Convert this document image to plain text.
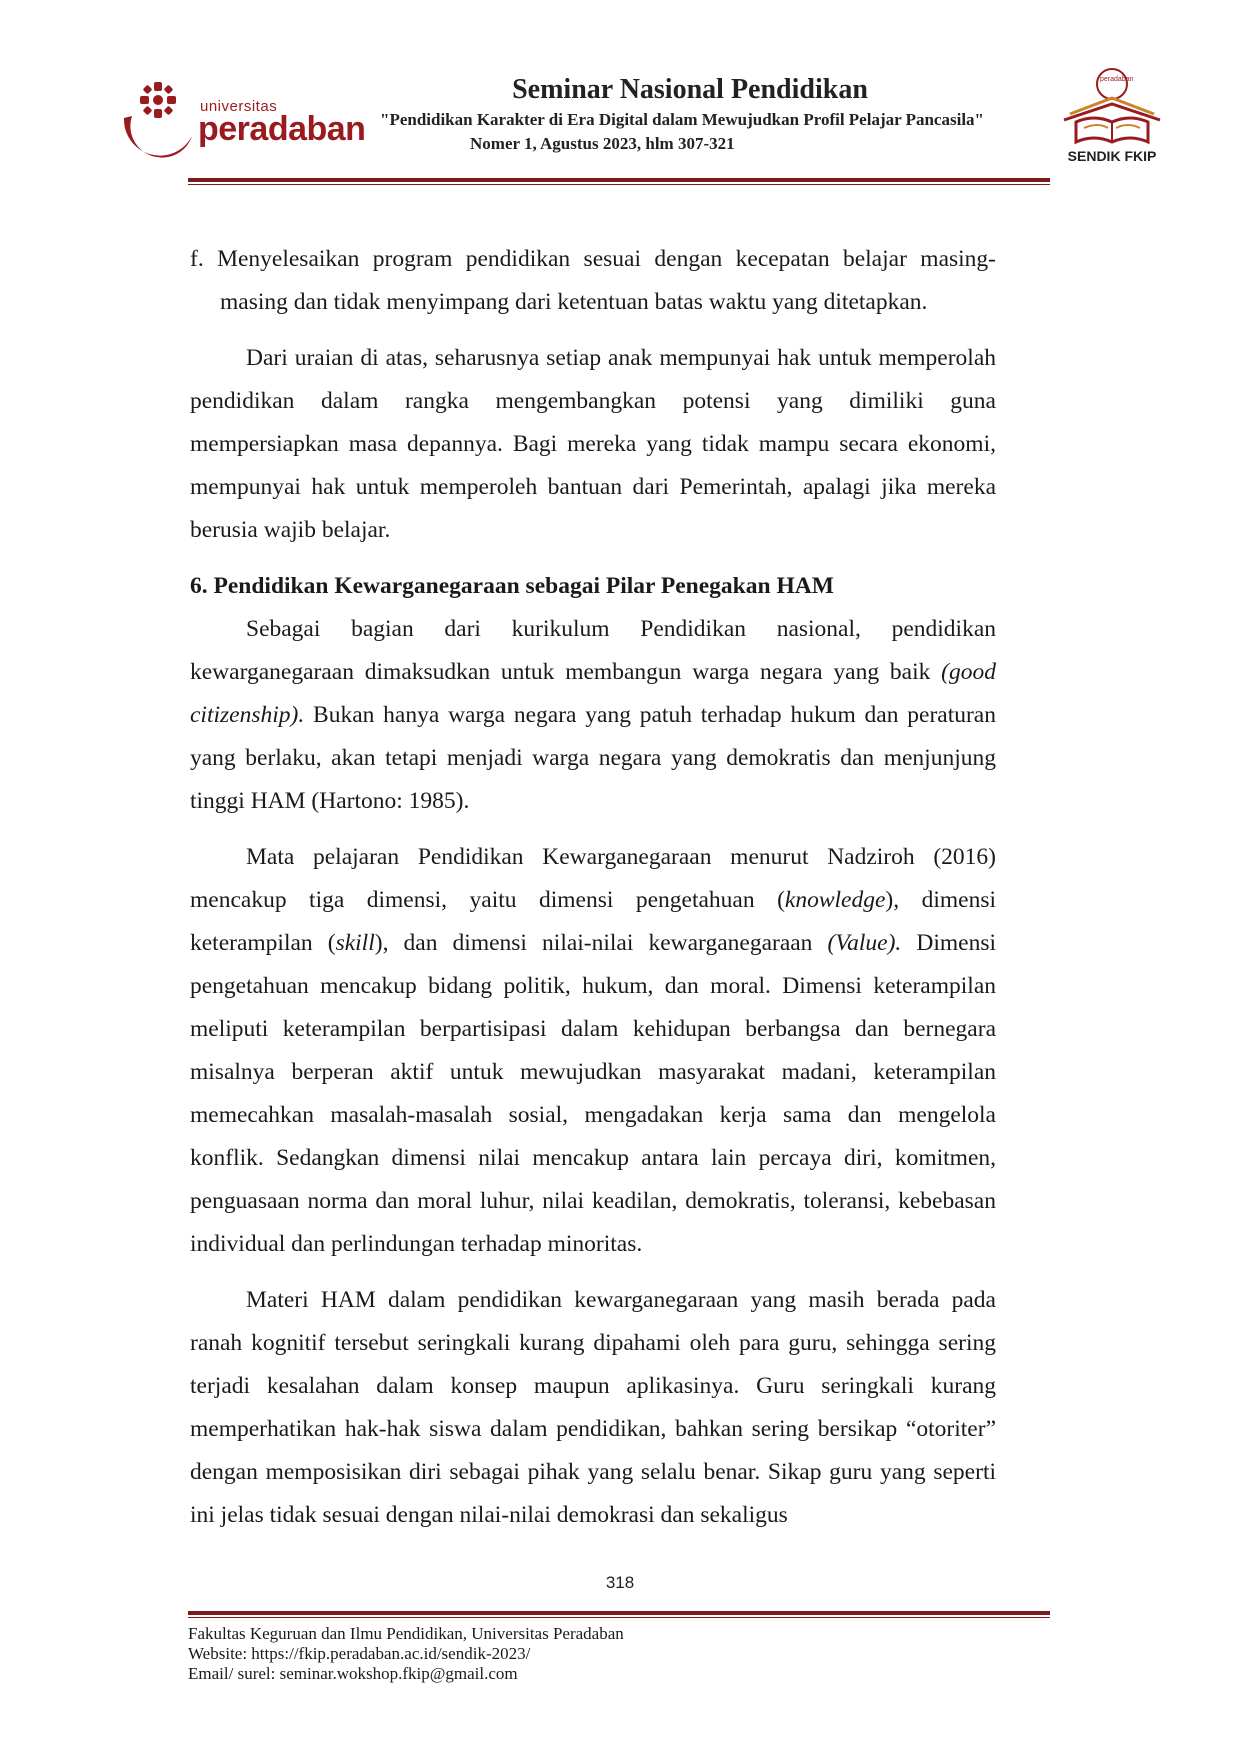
universitas
peradaban
Seminar Nasional Pendidikan
"Pendidikan Karakter di Era Digital dalam Mewujudkan Profil Pelajar Pancasila"
Nomer 1, Agustus 2023, hlm 307-321
peradaban
SENDIK FKIP

f. Menyelesaikan program pendidikan sesuai dengan kecepatan belajar masing-masing dan tidak menyimpang dari ketentuan batas waktu yang ditetapkan.

Dari uraian di atas, seharusnya setiap anak mempunyai hak untuk memperolah pendidikan dalam rangka mengembangkan potensi yang dimiliki guna mempersiapkan masa depannya. Bagi mereka yang tidak mampu secara ekonomi, mempunyai hak untuk memperoleh bantuan dari Pemerintah, apalagi jika mereka berusia wajib belajar.

6. Pendidikan Kewarganegaraan sebagai Pilar Penegakan HAM

Sebagai bagian dari kurikulum Pendidikan nasional, pendidikan kewarganegaraan dimaksudkan untuk membangun warga negara yang baik (good citizenship). Bukan hanya warga negara yang patuh terhadap hukum dan peraturan yang berlaku, akan tetapi menjadi warga negara yang demokratis dan menjunjung tinggi HAM (Hartono: 1985).

Mata pelajaran Pendidikan Kewarganegaraan menurut Nadziroh (2016) mencakup tiga dimensi, yaitu dimensi pengetahuan (knowledge), dimensi keterampilan (skill), dan dimensi nilai-nilai kewarganegaraan (Value). Dimensi pengetahuan mencakup bidang politik, hukum, dan moral. Dimensi keterampilan meliputi keterampilan berpartisipasi dalam kehidupan berbangsa dan bernegara misalnya berperan aktif untuk mewujudkan masyarakat madani, keterampilan memecahkan masalah-masalah sosial, mengadakan kerja sama dan mengelola konflik. Sedangkan dimensi nilai mencakup antara lain percaya diri, komitmen, penguasaan norma dan moral luhur, nilai keadilan, demokratis, toleransi, kebebasan individual dan perlindungan terhadap minoritas.

Materi HAM dalam pendidikan kewarganegaraan yang masih berada pada ranah kognitif tersebut seringkali kurang dipahami oleh para guru, sehingga sering terjadi kesalahan dalam konsep maupun aplikasinya. Guru seringkali kurang memperhatikan hak-hak siswa dalam pendidikan, bahkan sering bersikap “otoriter” dengan memposisikan diri sebagai pihak yang selalu benar. Sikap guru yang seperti ini jelas tidak sesuai dengan nilai-nilai demokrasi dan sekaligus

318
Fakultas Keguruan dan Ilmu Pendidikan, Universitas Peradaban
Website: https://fkip.peradaban.ac.id/sendik-2023/
Email/ surel: seminar.wokshop.fkip@gmail.com
